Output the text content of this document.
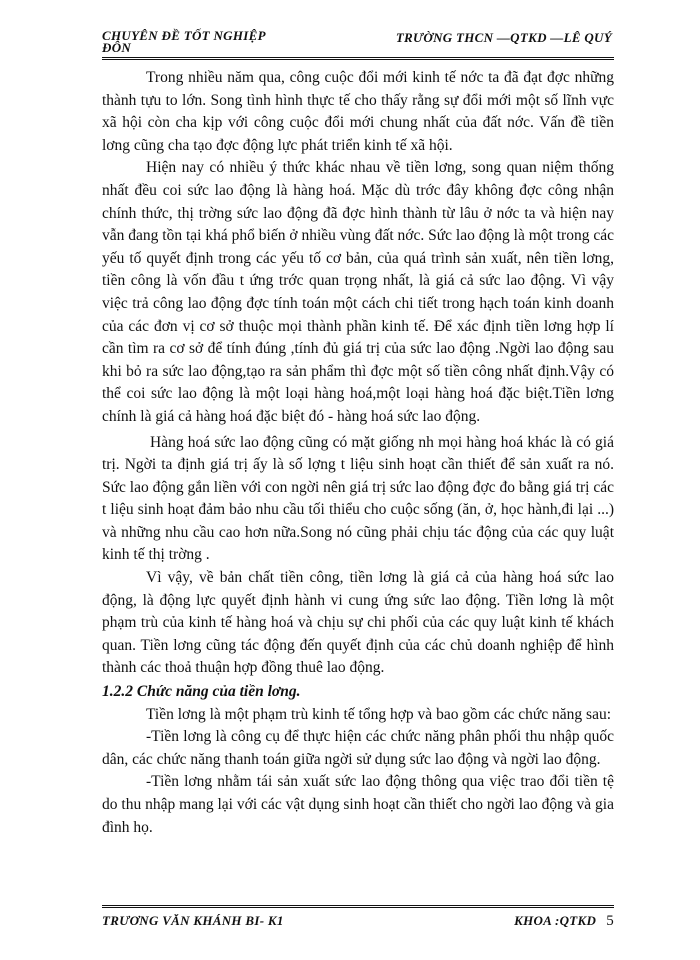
CHUYÊN ĐỀ TỐT NGHIỆP
ĐÔN
TRƯỜNG THCN —QTKD —LÊ QUÝ

Trong nhiều năm qua, công cuộc đổi mới kinh tế nớc ta đã đạt đợc những thành tựu to lớn. Song tình hình thực tế cho thấy rằng sự đổi mới một số lĩnh vực xã hội còn cha kịp với công cuộc đổi mới chung nhất của đất nớc. Vấn đề tiền lơng cũng cha tạo đợc động lực phát triển kinh tế xã hội.

Hiện nay có nhiều ý thức khác nhau về tiền lơng, song quan niệm thống nhất đều coi sức lao động là hàng hoá. Mặc dù trớc đây không đợc công nhận chính thức, thị trờng sức lao động đã đợc hình thành từ lâu ở nớc ta và hiện nay vẫn đang tồn tại khá phổ biến ở nhiều vùng đất nớc. Sức lao động là một trong các yếu tố quyết định trong các yếu tố cơ bản, của quá trình sản xuất, nên tiền lơng, tiền công là vốn đầu t ứng trớc quan trọng nhất, là giá cả sức lao động. Vì vậy việc trả công lao động đợc tính toán một cách chi tiết trong hạch toán kinh doanh của các đơn vị cơ sở thuộc mọi thành phần kinh tế. Để xác định tiền lơng hợp lí cần tìm ra cơ sở để tính đúng ,tính đủ giá trị của sức lao động .Ngời lao động sau khi bỏ ra sức lao động,tạo ra sản phẩm thì đợc một số tiền công nhất định.Vậy có thể coi sức lao động là một loại hàng hoá,một loại hàng hoá đặc biệt.Tiền lơng chính là giá cả hàng hoá đặc biệt đó - hàng hoá sức lao động.

Hàng hoá sức lao động cũng có mặt giống nh mọi hàng hoá khác là có giá trị. Ngời ta định giá trị ấy là số lợng t liệu sinh hoạt cần thiết để sản xuất ra nó. Sức lao động gắn liền với con ngời nên giá trị sức lao động đợc đo bằng giá trị các t liệu sinh hoạt đảm bảo nhu cầu tối thiểu cho cuộc sống (ăn, ở, học hành,đi lại ...) và những nhu cầu cao hơn nữa.Song nó cũng phải chịu tác động của các quy luật kinh tế thị trờng .

Vì vậy, về bản chất tiền công, tiền lơng là giá cả của hàng hoá sức lao động, là động lực quyết định hành vi cung ứng sức lao động. Tiền lơng là một phạm trù của kinh tế hàng hoá và chịu sự chi phối của các quy luật kinh tế khách quan. Tiền lơng cũng tác động đến quyết định của các chủ doanh nghiệp để hình thành các thoả thuận hợp đồng thuê lao động.

1.2.2 Chức năng của tiền lơng.

Tiền lơng là một phạm trù kinh tế tổng hợp và bao gồm các chức năng sau:

-Tiền lơng là công cụ để thực hiện các chức năng phân phối thu nhập quốc dân, các chức năng thanh toán giữa ngời sử dụng sức lao động và ngời lao động.

-Tiền lơng nhằm tái sản xuất sức lao động thông qua việc trao đổi tiền tệ do thu nhập mang lại với các vật dụng sinh hoạt cần thiết cho ngời lao động và gia đình họ.

TRƯƠNG VĂN KHÁNH BI- K1	KHOA :QTKD 5
